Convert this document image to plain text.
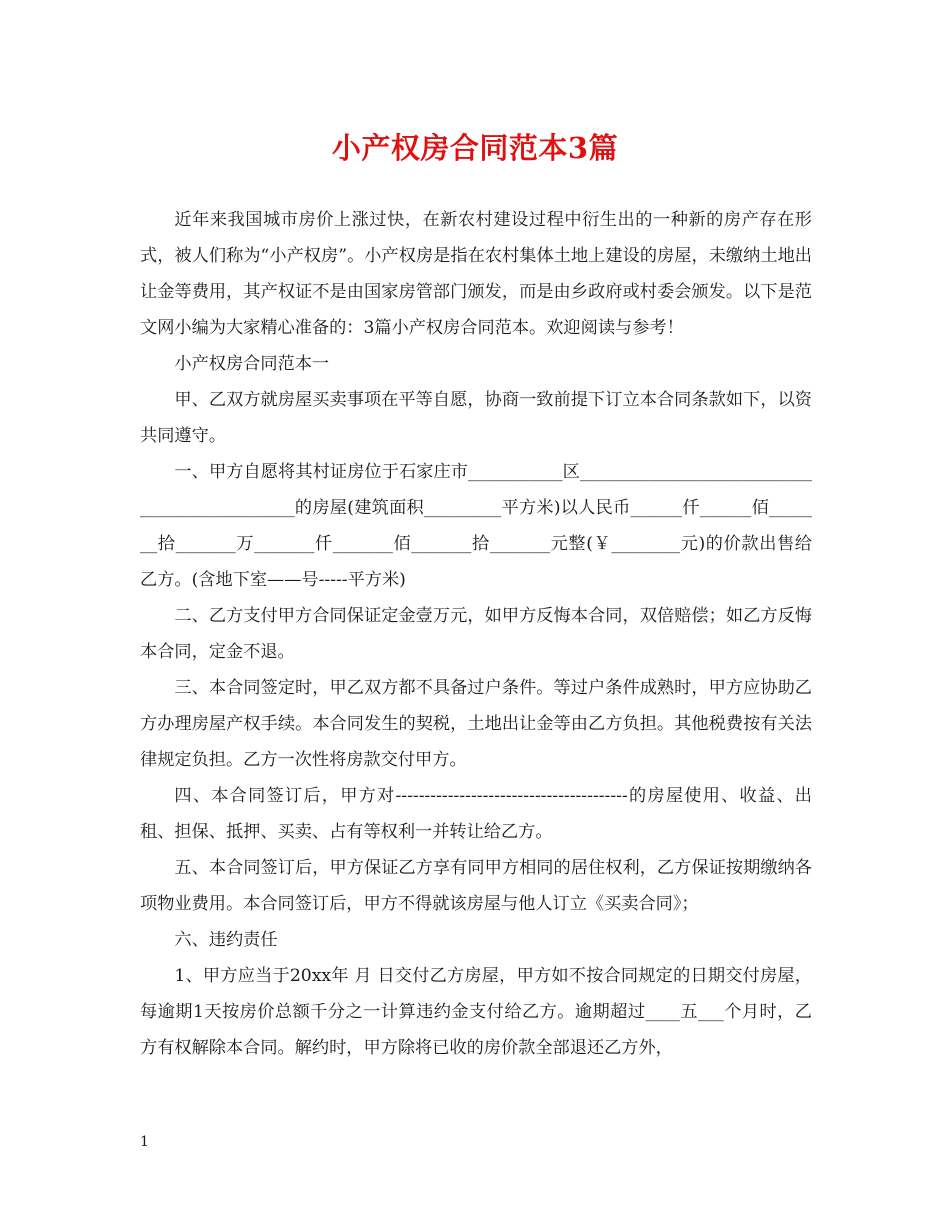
小产权房合同范本3篇

近年来我国城市房价上涨过快，在新农村建设过程中衍生出的一种新的房产存在形式，被人们称为“小产权房”。小产权房是指在农村集体土地上建设的房屋，未缴纳土地出让金等费用，其产权证不是由国家房管部门颁发，而是由乡政府或村委会颁发。以下是范文网小编为大家精心准备的：3篇小产权房合同范本。欢迎阅读与参考！

小产权房合同范本一

甲、乙双方就房屋买卖事项在平等自愿，协商一致前提下订立本合同条款如下，以资共同遵守。

一、甲方自愿将其村证房位于石家庄市___________区_____________________________________________的房屋(建筑面积_________平方米)以人民币______仟______佰_______拾_______万_______仟_______佰_______拾_______元整(￥________元)的价款出售给乙方。(含地下室——号-----平方米)

二、乙方支付甲方合同保证定金壹万元，如甲方反悔本合同，双倍赔偿；如乙方反悔本合同，定金不退。

三、本合同签定时，甲乙双方都不具备过户条件。等过户条件成熟时，甲方应协助乙方办理房屋产权手续。本合同发生的契税，土地出让金等由乙方负担。其他税费按有关法律规定负担。乙方一次性将房款交付甲方。

四、本合同签订后，甲方对----------------------------------------的房屋使用、收益、出租、担保、抵押、买卖、占有等权利一并转让给乙方。

五、本合同签订后，甲方保证乙方享有同甲方相同的居住权利，乙方保证按期缴纳各项物业费用。本合同签订后，甲方不得就该房屋与他人订立《买卖合同》；

六、违约责任

1、甲方应当于20xx年 月 日交付乙方房屋，甲方如不按合同规定的日期交付房屋，每逾期1天按房价总额千分之一计算违约金支付给乙方。逾期超过____五___个月时，乙方有权解除本合同。解约时，甲方除将已收的房价款全部退还乙方外，

1
